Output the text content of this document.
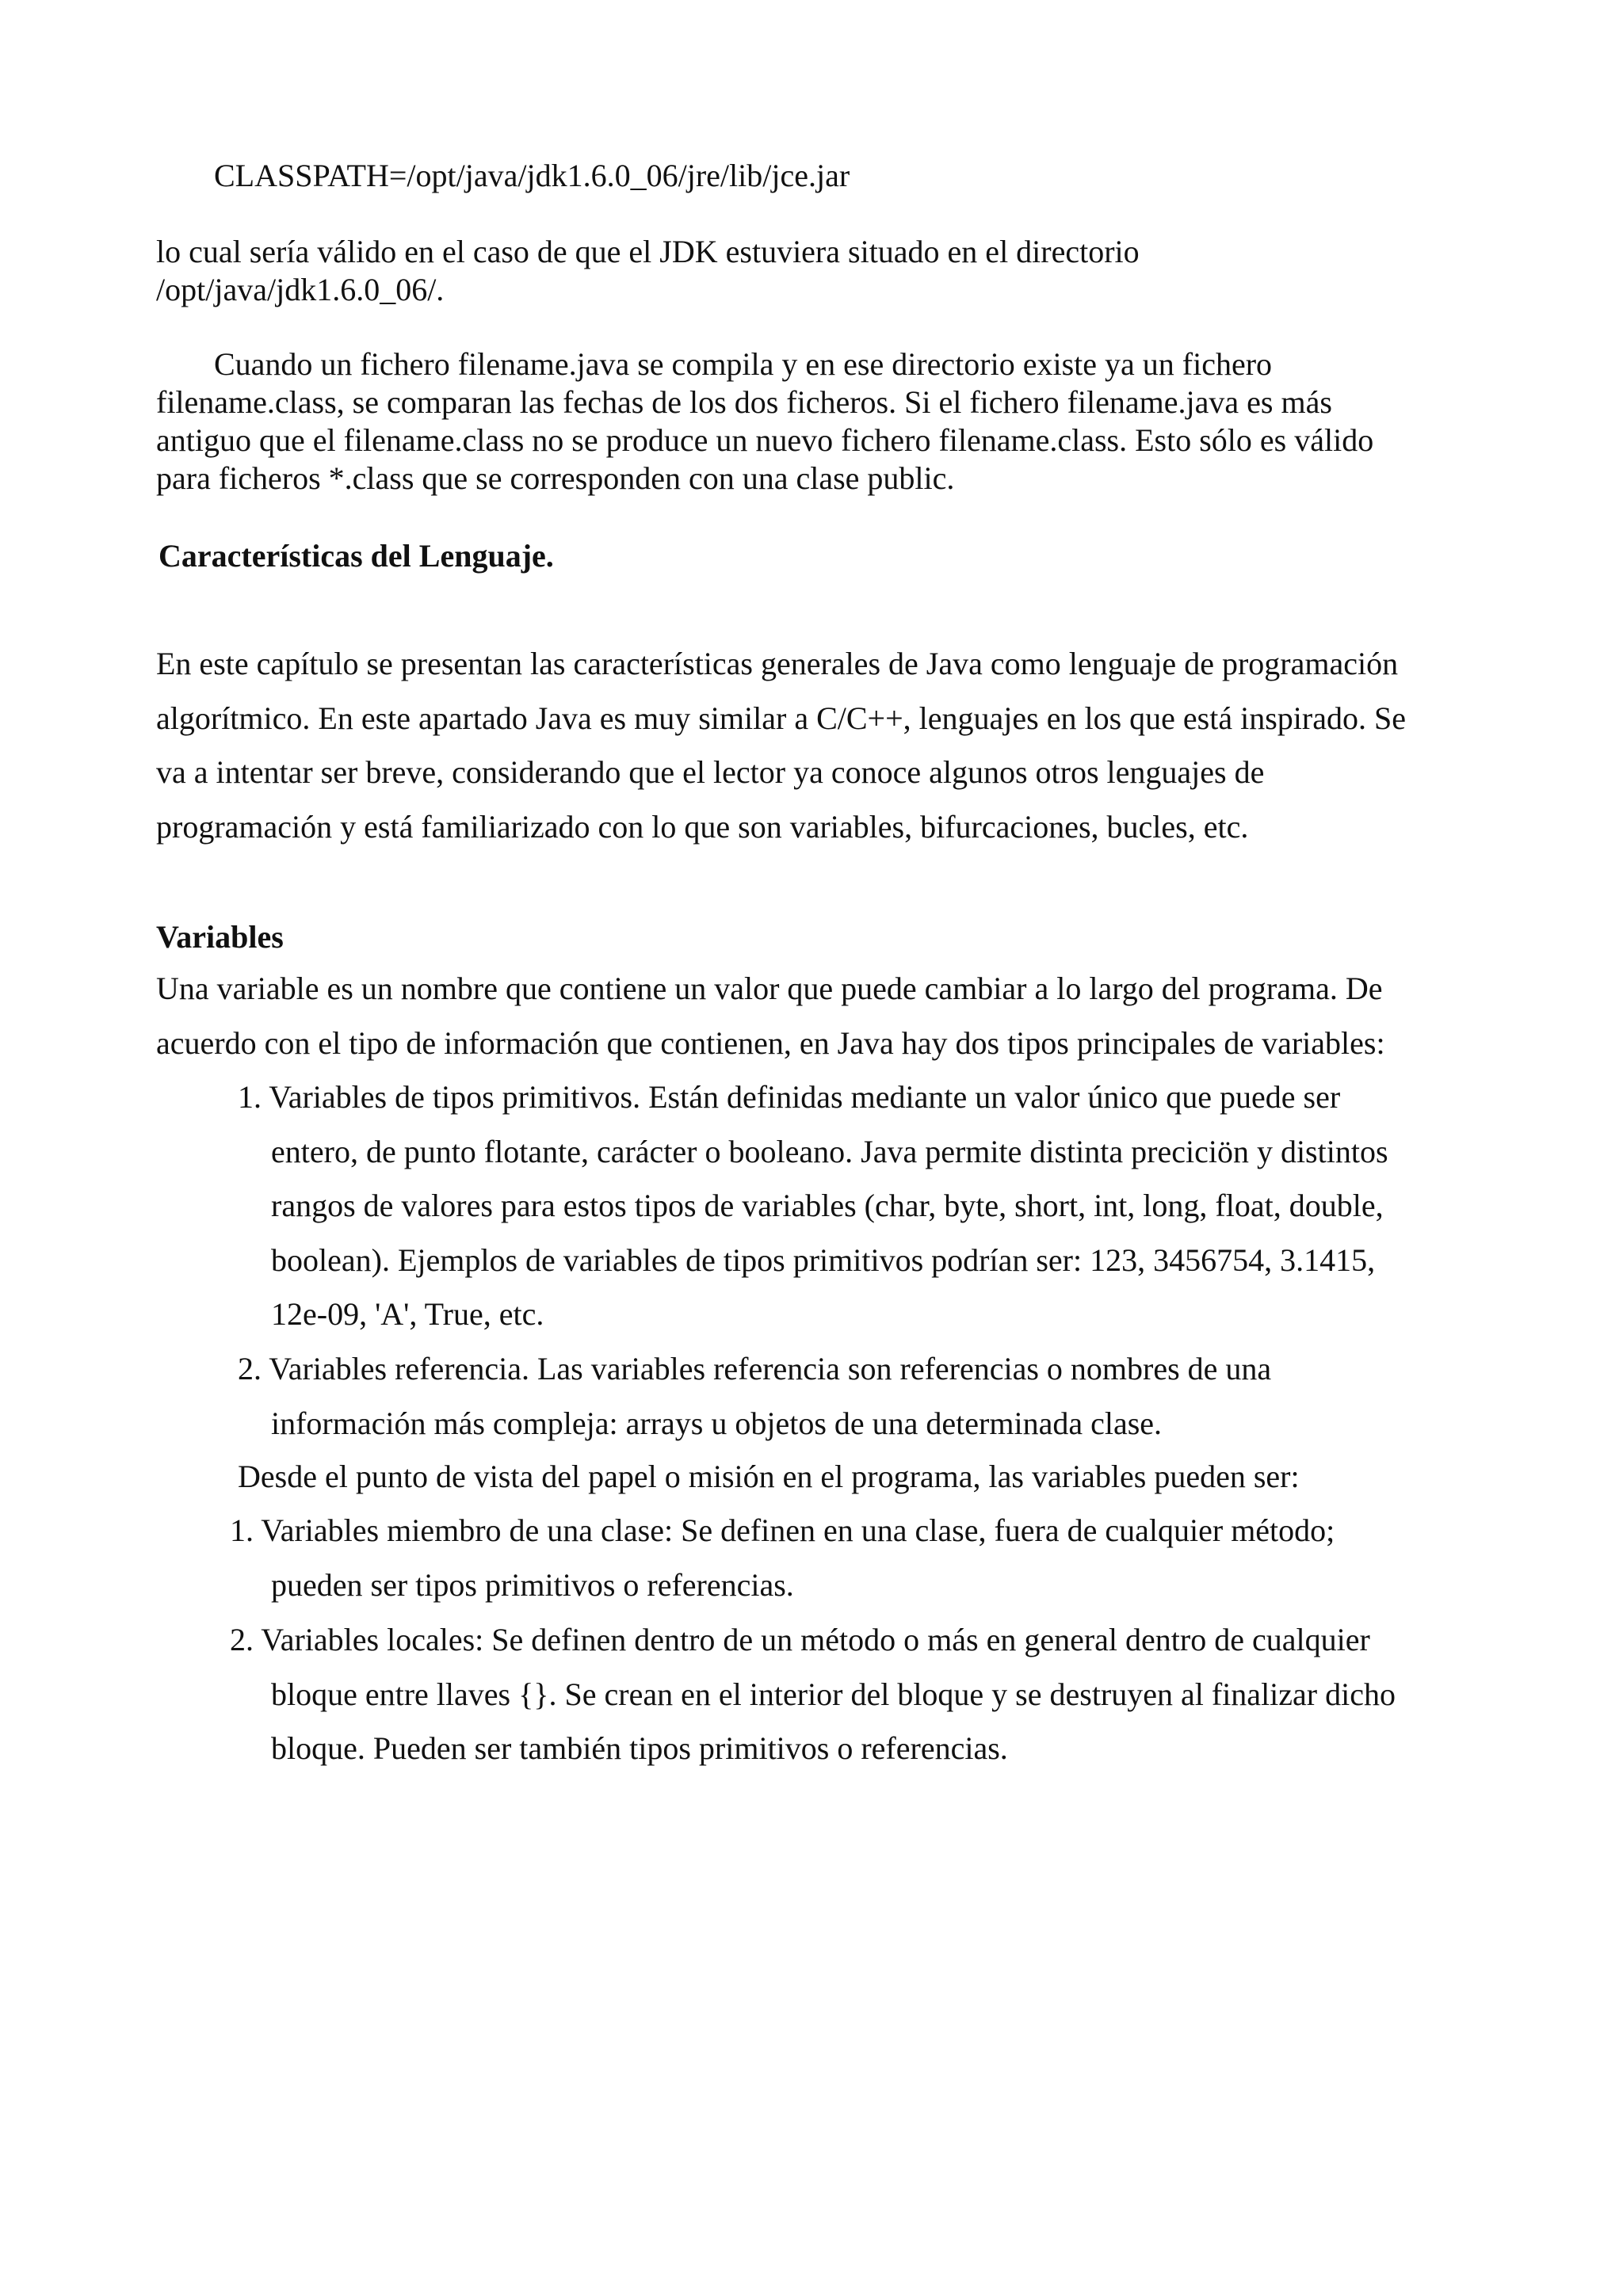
CLASSPATH=/opt/java/jdk1.6.0_06/jre/lib/jce.jar

lo cual sería válido en el caso de que el JDK estuviera situado en el directorio
/opt/java/jdk1.6.0_06/.
Cuando un fichero filename.java se compila y en ese directorio existe ya un fichero
filename.class, se comparan las fechas de los dos ficheros. Si el fichero filename.java es más
antiguo que el filename.class no se produce un nuevo fichero filename.class. Esto sólo es válido
para ficheros *.class que se corresponden con una clase public.
Características del Lenguaje.
En este capítulo se presentan las características generales de Java como lenguaje de programación
algorítmico. En este apartado Java es muy similar a C/C++, lenguajes en los que está inspirado. Se
va a intentar ser breve, considerando que el lector ya conoce algunos otros lenguajes de
programación y está familiarizado con lo que son variables, bifurcaciones, bucles, etc.
Variables
Una variable es un nombre que contiene un valor que puede cambiar a lo largo del programa. De
acuerdo con el tipo de información que contienen, en Java hay dos tipos principales de variables:
1. Variables de tipos primitivos. Están definidas mediante un valor único que puede ser
entero, de punto flotante, carácter o booleano. Java permite distinta preciciön y distintos
rangos de valores para estos tipos de variables (char, byte, short, int, long, float, double,
boolean). Ejemplos de variables de tipos primitivos podrían ser: 123, 3456754, 3.1415,
12e-09, 'A', True, etc.
2. Variables referencia. Las variables referencia son referencias o nombres de una
información más compleja: arrays u objetos de una determinada clase.

Desde el punto de vista del papel o misión en el programa, las variables pueden ser:

1. Variables miembro de una clase: Se definen en una clase, fuera de cualquier método;
pueden ser tipos primitivos o referencias.
2. Variables locales: Se definen dentro de un método o más en general dentro de cualquier
bloque entre llaves {}. Se crean en el interior del bloque y se destruyen al finalizar dicho
bloque. Pueden ser también tipos primitivos o referencias.
